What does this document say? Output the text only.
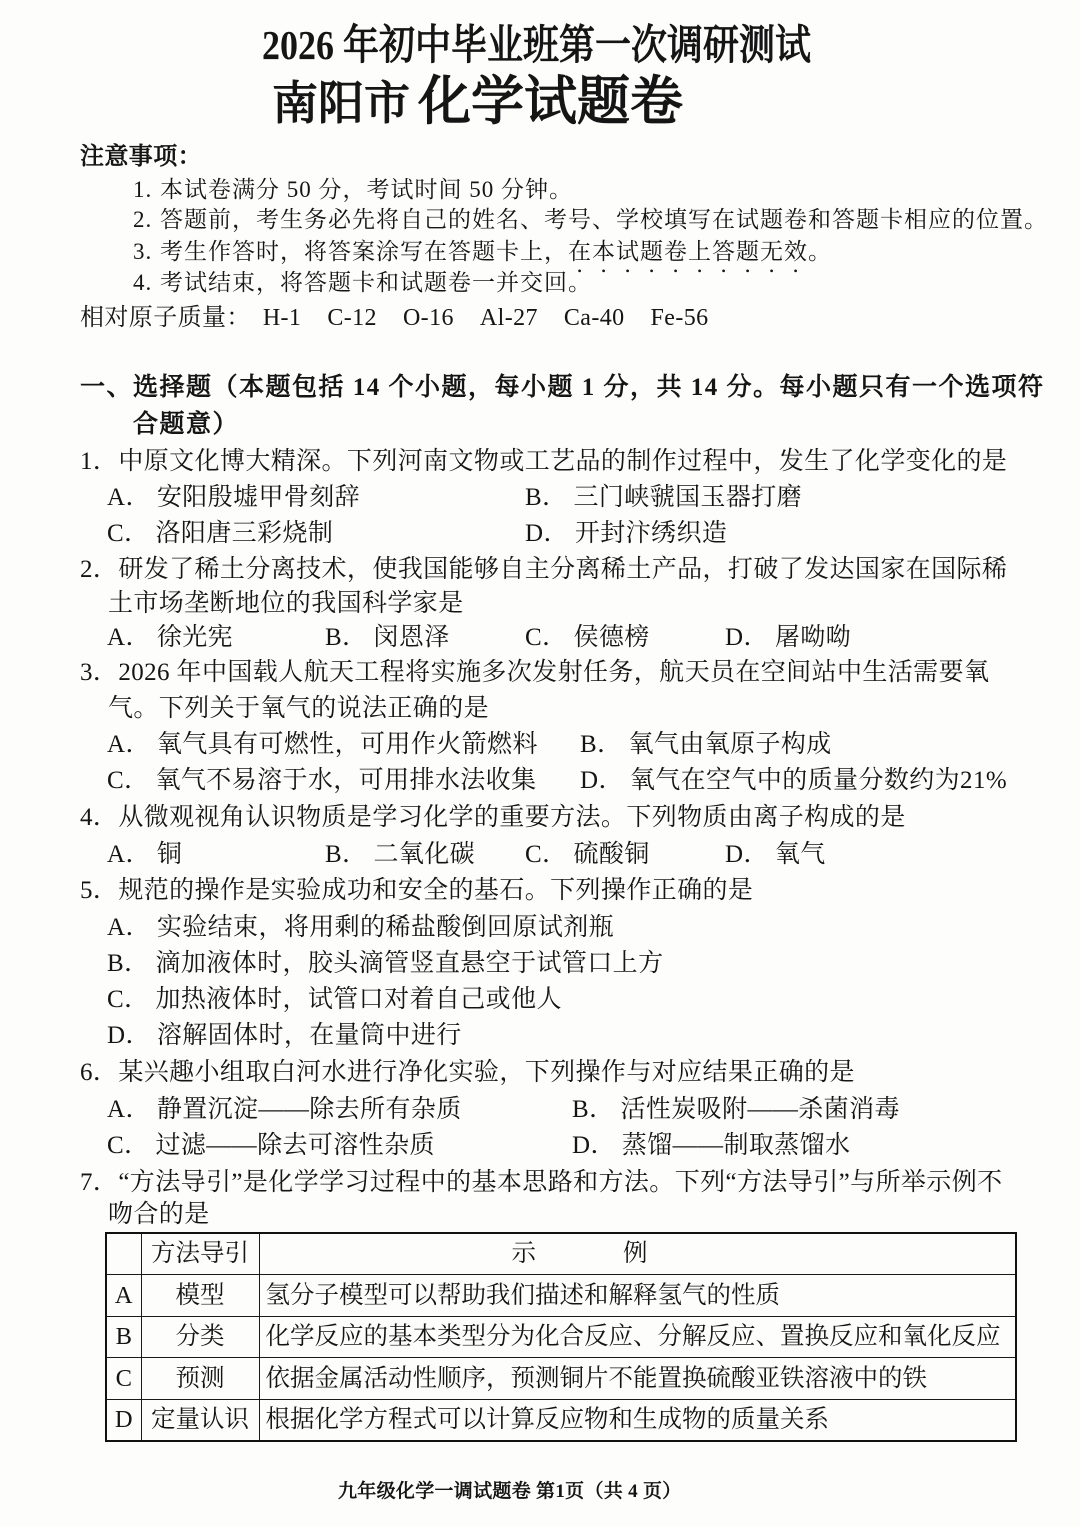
2026 年初中毕业班第一次调研测试
南阳市 化学试题卷
注意事项：
1. 本试卷满分 50 分，考试时间 50 分钟。
2. 答题前，考生务必先将自己的姓名、考号、学校填写在试题卷和答题卡相应的位置。
3. 考生作答时，将答案涂写在答题卡上，在本试题卷上答题无效。
4. 考试结束，将答题卡和试题卷一并交回。
相对原子质量： H-1 C-12 O-16 Al-27 Ca-40 Fe-56
一、选择题（本题包括 14 个小题，每小题 1 分，共 14 分。每小题只有一个选项符
合题意）
1．中原文化博大精深。下列河南文物或工艺品的制作过程中，发生了化学变化的是
A． 安阳殷墟甲骨刻辞	B． 三门峡虢国玉器打磨
C． 洛阳唐三彩烧制	D． 开封汴绣织造
2．研发了稀土分离技术，使我国能够自主分离稀土产品，打破了发达国家在国际稀
土市场垄断地位的我国科学家是
A． 徐光宪	B． 闵恩泽	C． 侯德榜	D． 屠呦呦
3．2026 年中国载人航天工程将实施多次发射任务，航天员在空间站中生活需要氧
气。下列关于氧气的说法正确的是
A． 氧气具有可燃性，可用作火箭燃料 B． 氧气由氧原子构成
C． 氧气不易溶于水，可用排水法收集 D． 氧气在空气中的质量分数约为21%
4．从微观视角认识物质是学习化学的重要方法。下列物质由离子构成的是
A． 铜	B． 二氧化碳 C． 硫酸铜	D． 氧气
5．规范的操作是实验成功和安全的基石。下列操作正确的是
A． 实验结束，将用剩的稀盐酸倒回原试剂瓶
B． 滴加液体时，胶头滴管竖直悬空于试管口上方
C． 加热液体时，试管口对着自己或他人
D． 溶解固体时，在量筒中进行
6．某兴趣小组取白河水进行净化实验，下列操作与对应结果正确的是
A． 静置沉淀——除去所有杂质	B． 活性炭吸附——杀菌消毒
C． 过滤——除去可溶性杂质	D． 蒸馏——制取蒸馏水
7．“方法导引”是化学学习过程中的基本思路和方法。下列“方法导引”与所举示例不
吻合的是
	方法导引	示例
A	模型	氢分子模型可以帮助我们描述和解释氢气的性质
B	分类	化学反应的基本类型分为化合反应、分解反应、置换反应和氧化反应
C	预测	依据金属活动性顺序，预测铜片不能置换硫酸亚铁溶液中的铁
D	定量认识	根据化学方程式可以计算反应物和生成物的质量关系
九年级化学一调试题卷 第1页（共 4 页）
